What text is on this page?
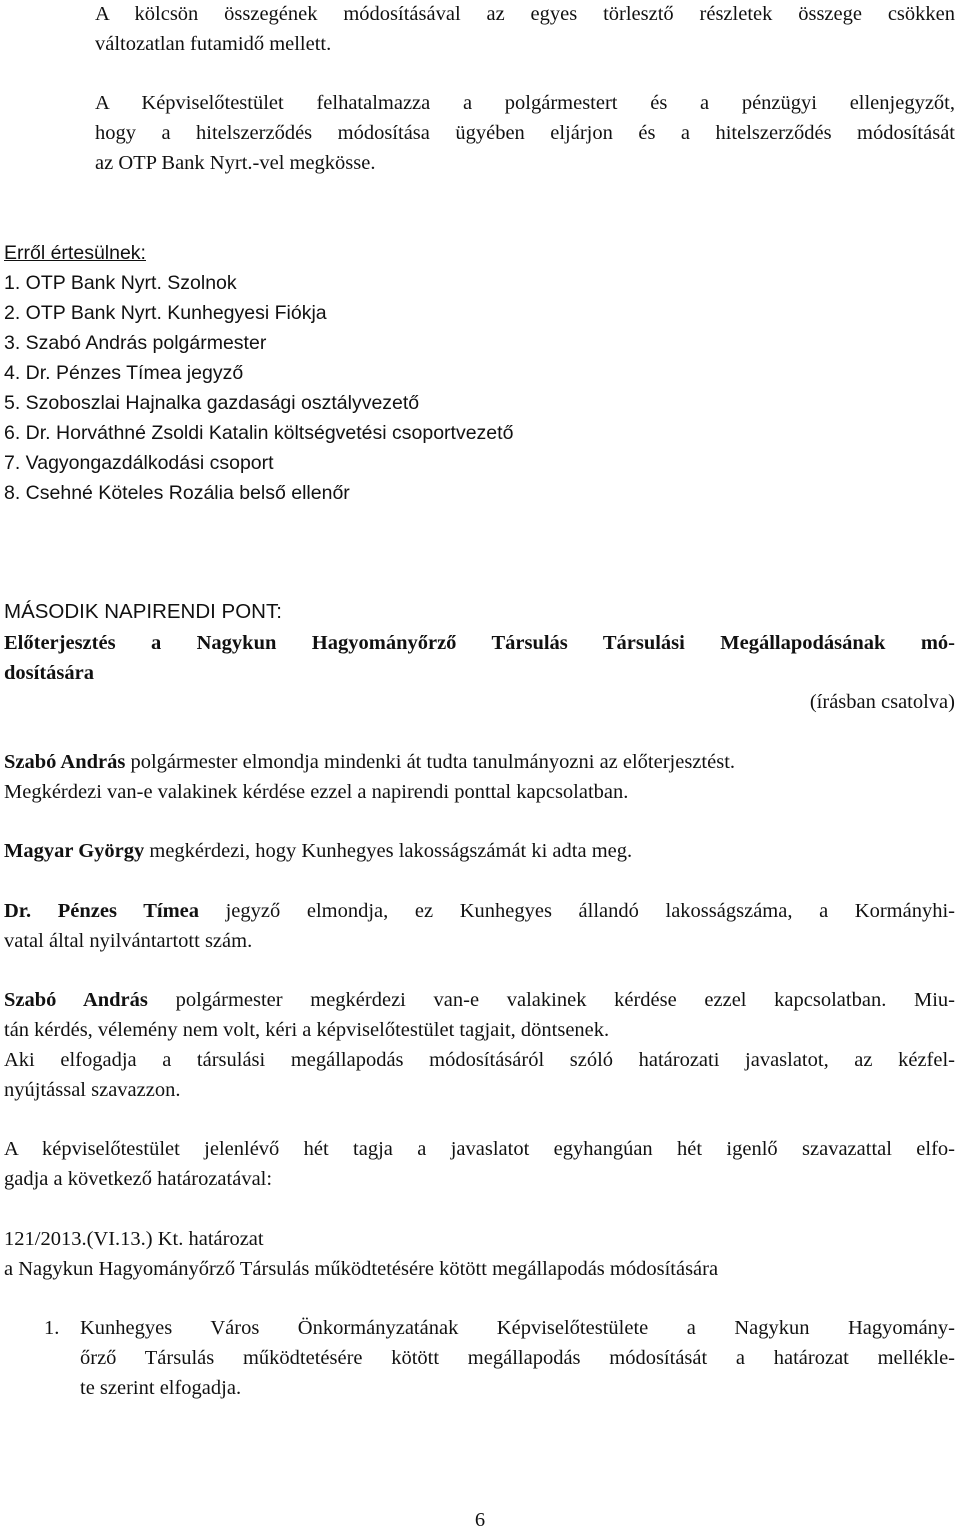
A kölcsön összegének módosításával az egyes törlesztő részletek összege csökken
változatlan futamidő mellett.
A Képviselőtestület felhatalmazza a polgármestert és a pénzügyi ellenjegyzőt,
hogy a hitelszerződés módosítása ügyében eljárjon és a hitelszerződés módosítását
az OTP Bank Nyrt.-vel megkösse.
Erről értesülnek:
1. OTP Bank Nyrt. Szolnok
2. OTP Bank Nyrt. Kunhegyesi Fiókja
3. Szabó András polgármester
4. Dr. Pénzes Tímea jegyző
5. Szoboszlai Hajnalka gazdasági osztályvezető
6. Dr. Horváthné Zsoldi Katalin költségvetési csoportvezető
7. Vagyongazdálkodási csoport
8. Csehné Köteles Rozália belső ellenőr
MÁSODIK NAPIRENDI PONT:
Előterjesztés a Nagykun Hagyományőrző Társulás Társulási Megállapodásának mó-
dosítására
(írásban csatolva)
Szabó András polgármester elmondja mindenki át tudta tanulmányozni az előterjesztést.
Megkérdezi van-e valakinek kérdése ezzel a napirendi ponttal kapcsolatban.
Magyar György megkérdezi, hogy Kunhegyes lakosságszámát ki adta meg.
Dr. Pénzes Tímea jegyző elmondja, ez Kunhegyes állandó lakosságszáma, a Kormányhi-
vatal által nyilvántartott szám.
Szabó András polgármester megkérdezi van-e valakinek kérdése ezzel kapcsolatban. Miu-
tán kérdés, vélemény nem volt, kéri a képviselőtestület tagjait, döntsenek.
Aki elfogadja a társulási megállapodás módosításáról szóló határozati javaslatot, az kézfel-
nyújtással szavazzon.
A képviselőtestület jelenlévő hét tagja a javaslatot egyhangúan hét igenlő szavazattal elfo-
gadja a következő határozatával:
121/2013.(VI.13.) Kt. határozat
a Nagykun Hagyományőrző Társulás működtetésére kötött megállapodás módosítására
1. Kunhegyes Város Önkormányzatának Képviselőtestülete a Nagykun Hagyomány-
őrző Társulás működtetésére kötött megállapodás módosítását a határozat mellékle-
te szerint elfogadja.
6
